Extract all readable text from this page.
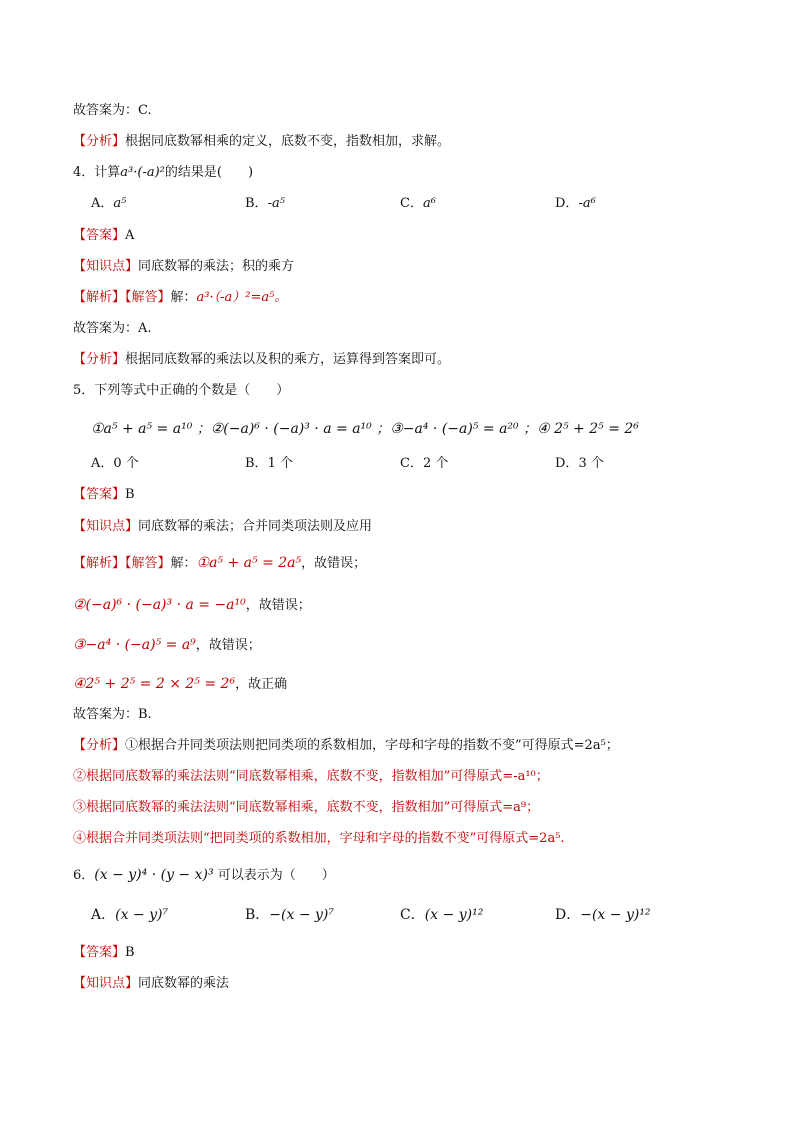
故答案为：C.
【分析】根据同底数幂相乘的定义，底数不变，指数相加，求解。
4．计算a³·(-a)²的结果是(　　)
A．a⁵	B．-a⁵	C．a⁶	D．-a⁶
【答案】A
【知识点】同底数幂的乘法；积的乘方
【解析】【解答】解：a³·（-a）²=a⁵。
故答案为：A.
【分析】根据同底数幂的乘法以及积的乘方，运算得到答案即可。
5．下列等式中正确的个数是（　　）
①a⁵ + a⁵ = a¹⁰ ；②(−a)⁶ · (−a)³ · a = a¹⁰ ；③−a⁴ · (−a)⁵ = a²⁰ ；④ 2⁵ + 2⁵ = 2⁶
A．0 个	B．1 个	C．2 个	D．3 个
【答案】B
【知识点】同底数幂的乘法；合并同类项法则及应用
【解析】【解答】解：①a⁵ + a⁵ = 2a⁵，故错误；
②(−a)⁶ · (−a)³ · a = −a¹⁰，故错误；
③−a⁴ · (−a)⁵ = a⁹，故错误；
④2⁵ + 2⁵ = 2 × 2⁵ = 2⁶，故正确
故答案为：B.
【分析】①根据合并同类项法则把同类项的系数相加，字母和字母的指数不变”可得原式=2a⁵；
②根据同底数幂的乘法法则“同底数幂相乘，底数不变，指数相加”可得原式=-a¹⁰；
③根据同底数幂的乘法法则“同底数幂相乘，底数不变，指数相加”可得原式=a⁹；
④根据合并同类项法则“把同类项的系数相加，字母和字母的指数不变”可得原式=2a⁵.
6．(x − y)⁴ · (y − x)³ 可以表示为（　　）
A．(x − y)⁷	B．−(x − y)⁷	C．(x − y)¹²	D．−(x − y)¹²
【答案】B
【知识点】同底数幂的乘法
